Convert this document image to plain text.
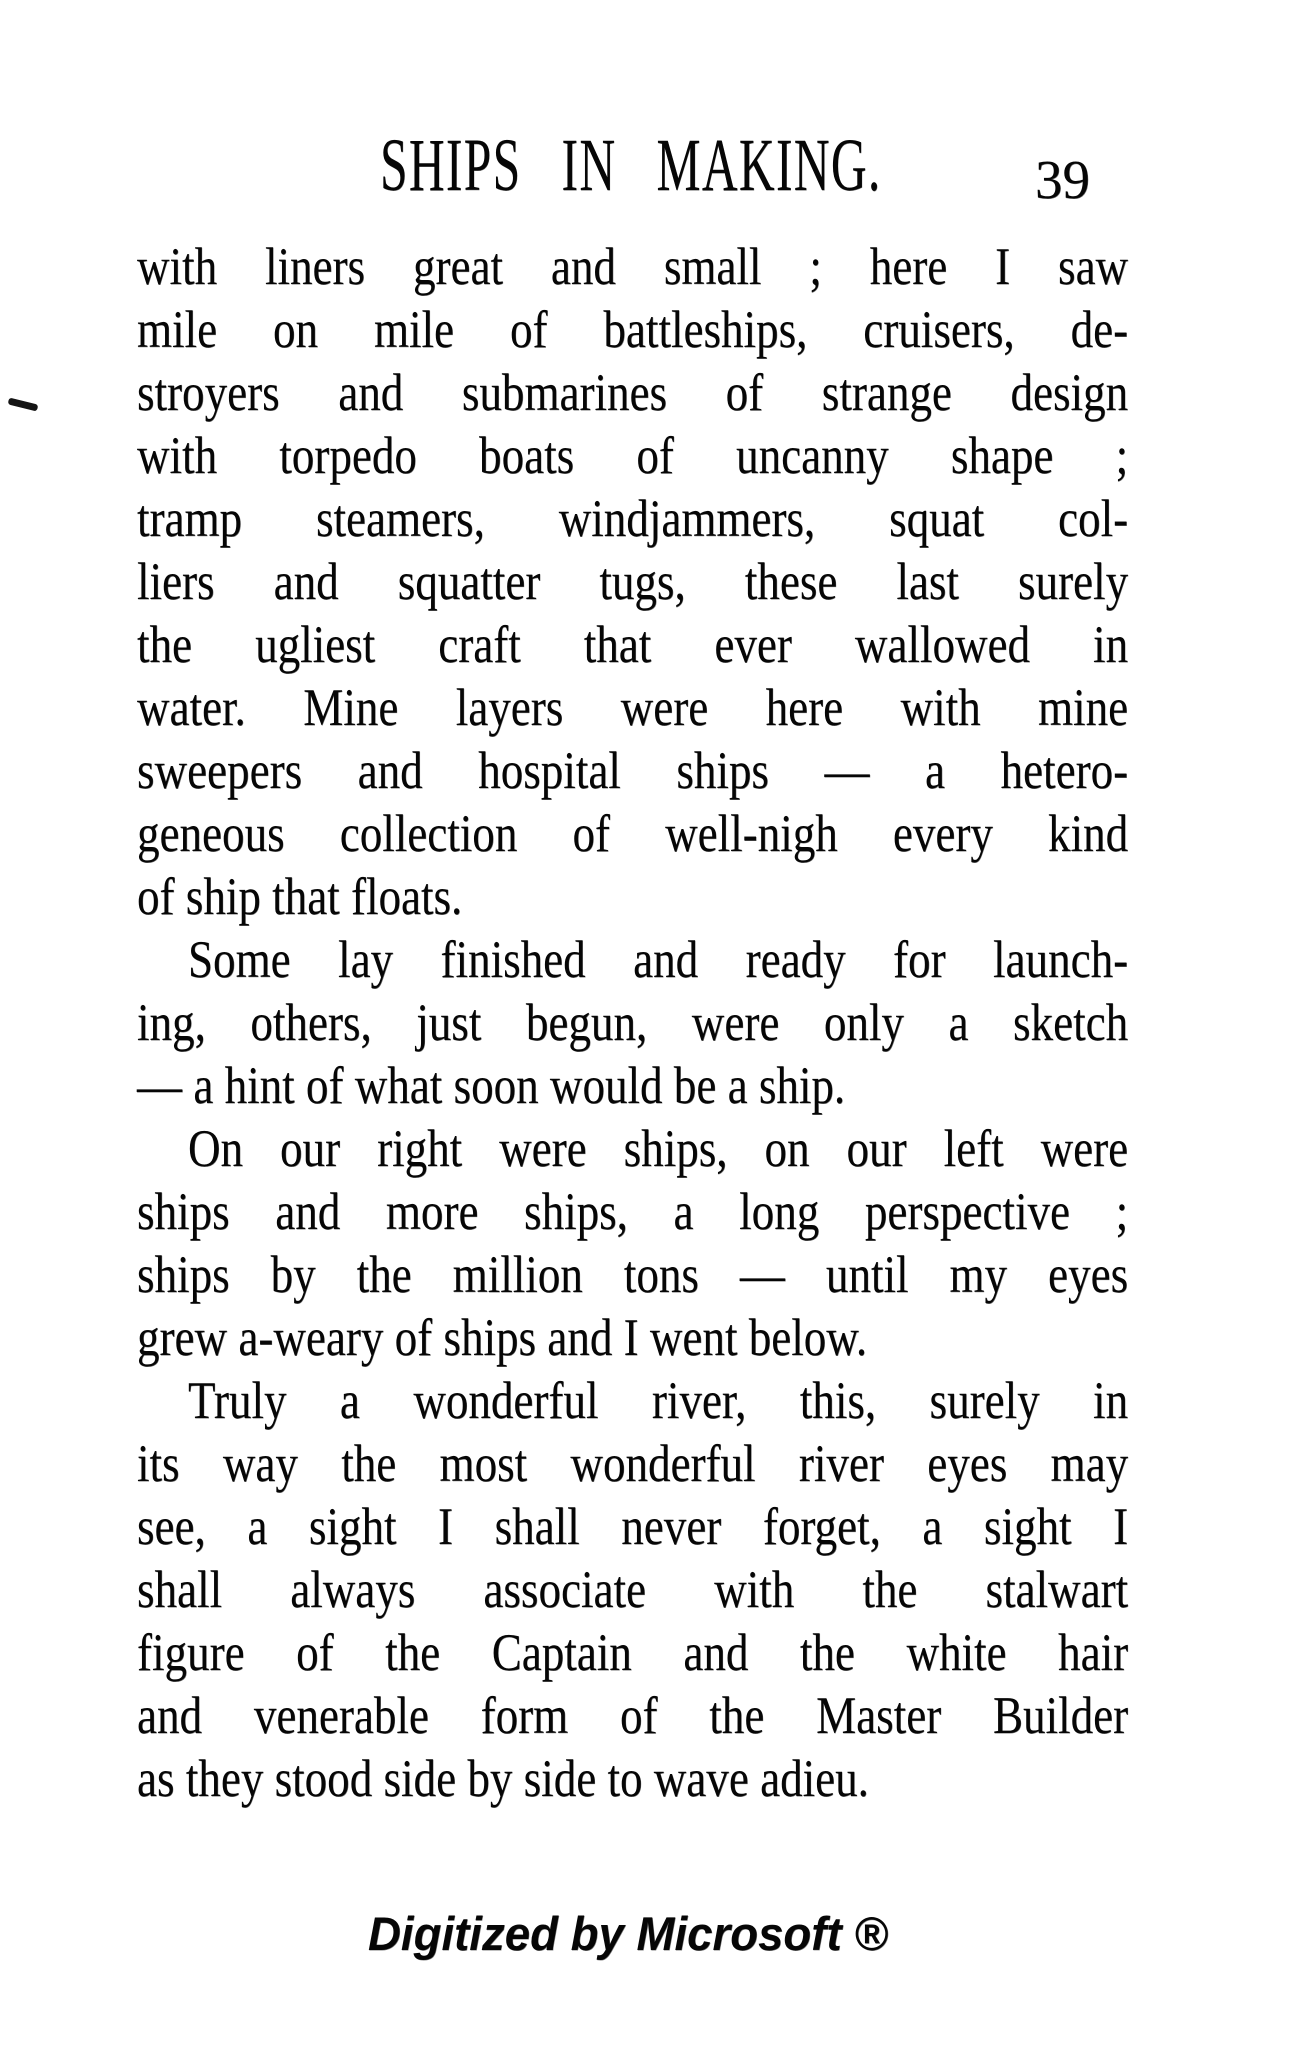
SHIPS IN MAKING.	39
with liners great and small ; here I saw
mile on mile of battleships, cruisers, de-
stroyers and submarines of strange design
with torpedo boats of uncanny shape ;
tramp steamers, windjammers, squat col-
liers and squatter tugs, these last surely
the ugliest craft that ever wallowed in
water. Mine layers were here with mine
sweepers and hospital ships — a hetero-
geneous collection of well-nigh every kind
of ship that floats.
Some lay finished and ready for launch-
ing, others, just begun, were only a sketch
— a hint of what soon would be a ship.
On our right were ships, on our left were
ships and more ships, a long perspective ;
ships by the million tons — until my eyes
grew a-weary of ships and I went below.
Truly a wonderful river, this, surely in
its way the most wonderful river eyes may
see, a sight I shall never forget, a sight I
shall always associate with the stalwart
figure of the Captain and the white hair
and venerable form of the Master Builder
as they stood side by side to wave adieu.
Digitized by Microsoft ®
